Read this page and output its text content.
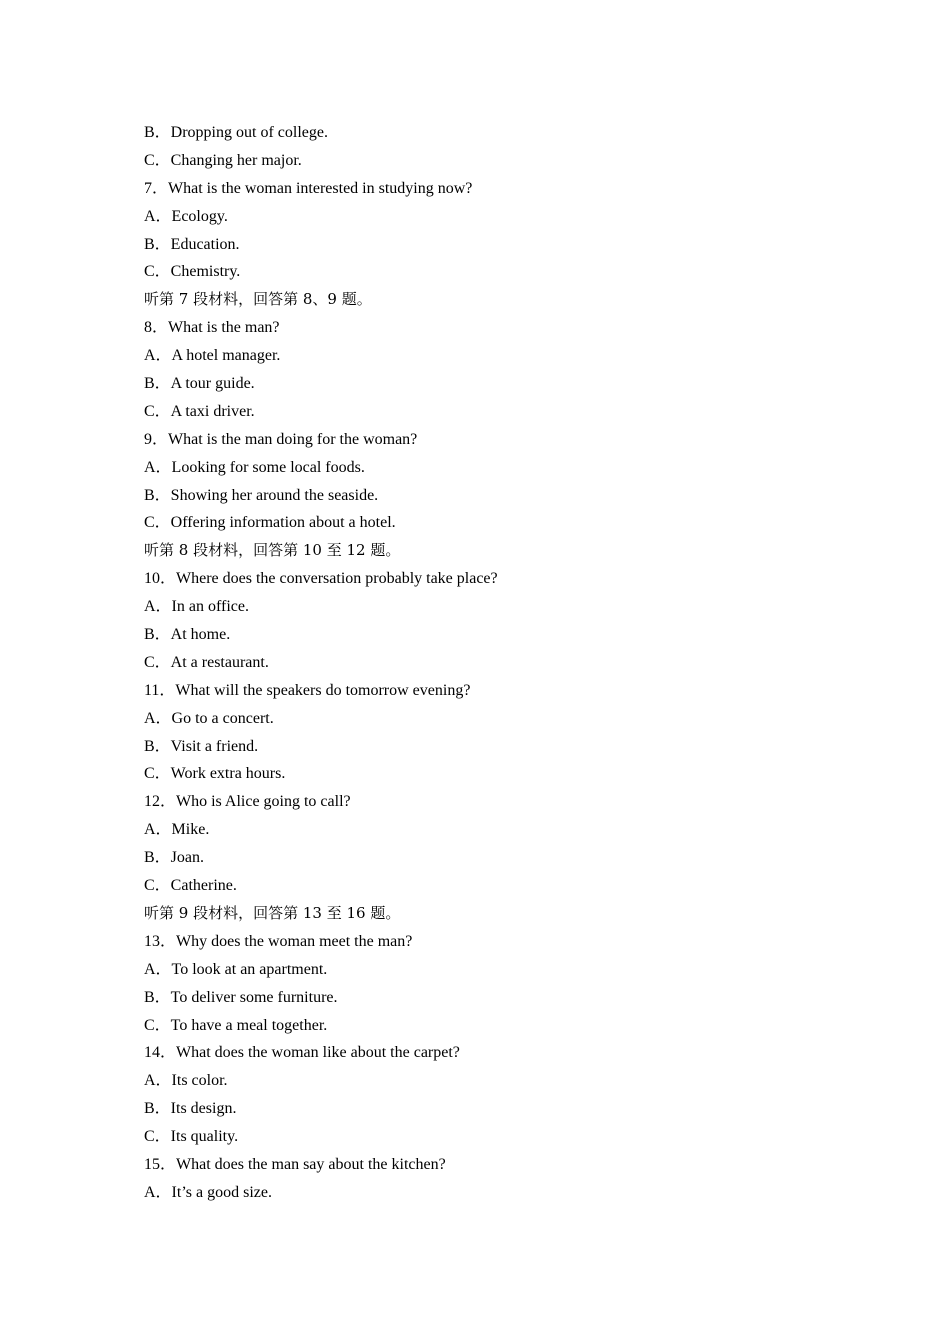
B．Dropping out of college.
C．Changing her major.
7．What is the woman interested in studying now?
A．Ecology.
B．Education.
C．Chemistry.
听第 7 段材料，回答第 8、9 题。
8．What is the man?
A．A hotel manager.
B．A tour guide.
C．A taxi driver.
9．What is the man doing for the woman?
A．Looking for some local foods.
B．Showing her around the seaside.
C．Offering information about a hotel.
听第 8 段材料，回答第 10 至 12 题。
10．Where does the conversation probably take place?
A．In an office.
B．At home.
C．At a restaurant.
11．What will the speakers do tomorrow evening?
A．Go to a concert.
B．Visit a friend.
C．Work extra hours.
12．Who is Alice going to call?
A．Mike.
B．Joan.
C．Catherine.
听第 9 段材料，回答第 13 至 16 题。
13．Why does the woman meet the man?
A．To look at an apartment.
B．To deliver some furniture.
C．To have a meal together.
14．What does the woman like about the carpet?
A．Its color.
B．Its design.
C．Its quality.
15．What does the man say about the kitchen?
A．It’s a good size.
